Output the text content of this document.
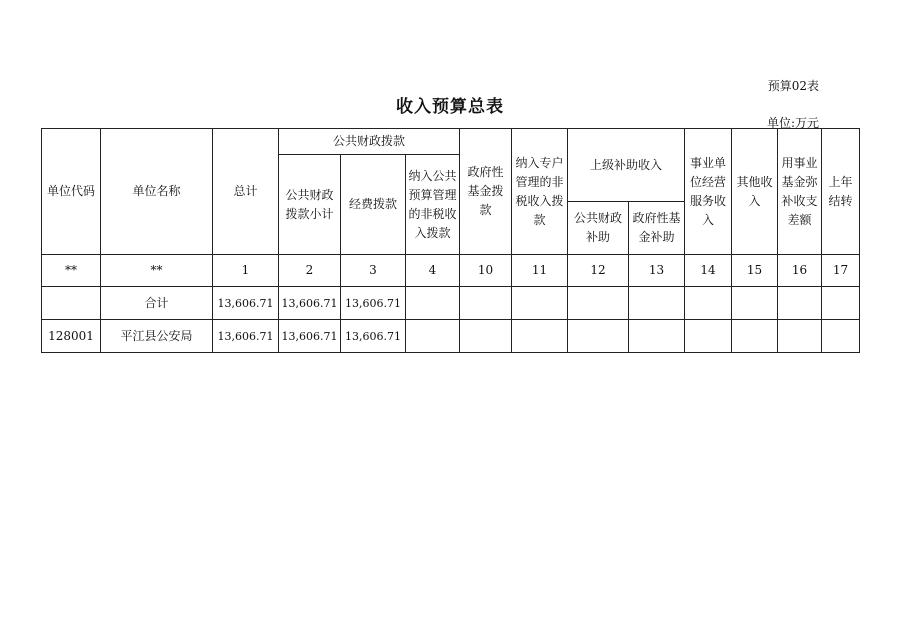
预算02表
收入预算总表
单位:万元
单位代码	单位名称	总计	公共财政拨款			政府性基金拨款	纳入专户管理的非税收入拨款	上级补助收入		事业单位经营服务收入	其他收入	用事业基金弥补收支差额	上年结转
			公共财政拨款小计	经费拨款	纳入公共预算管理的非税收入拨款								
								公共财政补助	政府性基金补助				
**	**	1	2	3	4	10	11	12	13	14	15	16	17
	合计	13,606.71	13,606.71	13,606.71									
128001	平江县公安局	13,606.71	13,606.71	13,606.71									
